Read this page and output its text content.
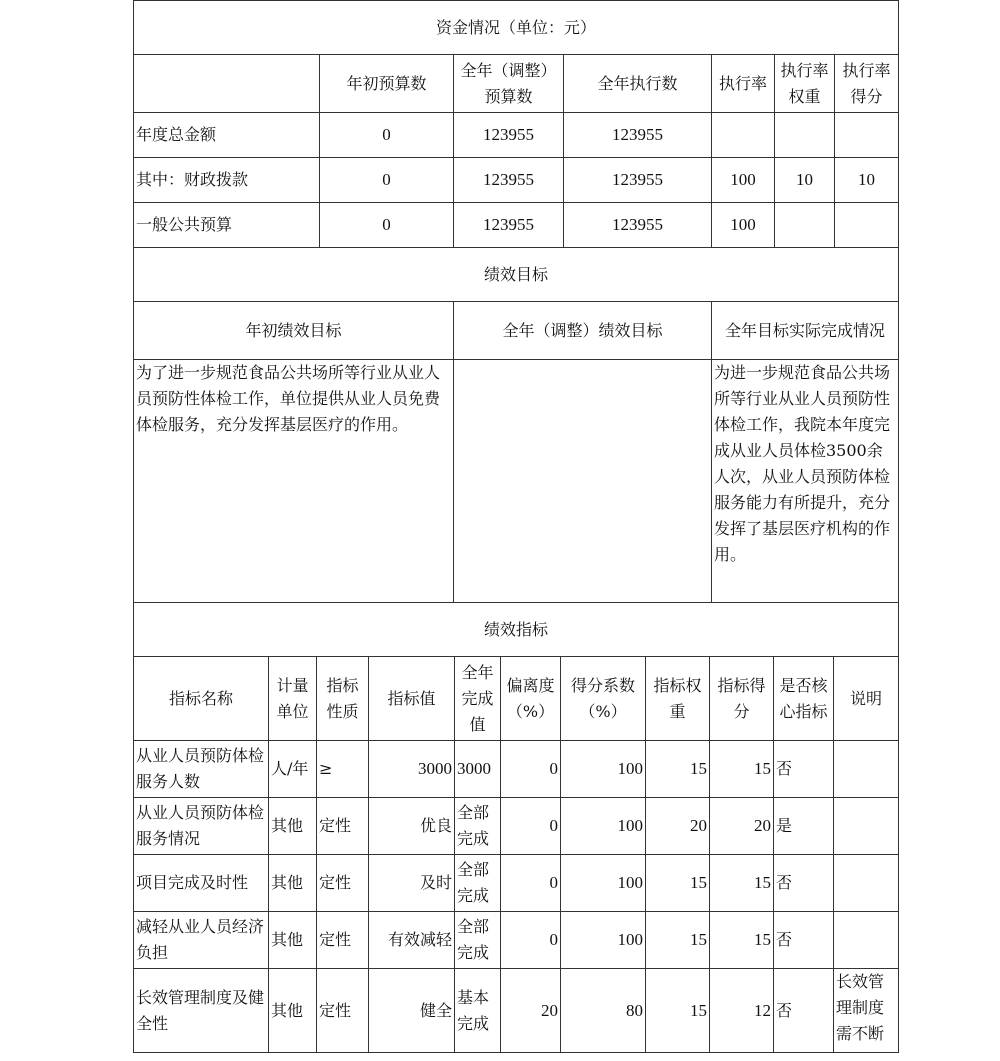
资金情况（单位：元）						
	年初预算数	全年（调整）预算数	全年执行数	执行率	执行率权重	执行率得分
年度总金额	0	123955	123955			
其中：财政拨款	0	123955	123955	100	10	10
一般公共预算	0	123955	123955	100		
绩效目标						
年初绩效目标		全年（调整）绩效目标		全年目标实际完成情况		
为了进一步规范食品公共场所等行业从业人员预防性体检工作，单位提供从业人员免费体检服务，充分发挥基层医疗的作用。				为进一步规范食品公共场所等行业从业人员预防性体检工作，我院本年度完成从业人员体检3500余人次，从业人员预防体检服务能力有所提升，充分发挥了基层医疗机构的作用。		
绩效指标										
指标名称	计量单位	指标性质	指标值	全年完成值	偏离度（%）	得分系数（%）	指标权重	指标得分	是否核心指标	说明
从业人员预防体检服务人数	人/年	≥	3000	3000	0	100	15	15	否	
从业人员预防体检服务情况	其他	定性	优良	全部完成	0	100	20	20	是	
项目完成及时性	其他	定性	及时	全部完成	0	100	15	15	否	
减轻从业人员经济负担	其他	定性	有效减轻	全部完成	0	100	15	15	否	
长效管理制度及健全性	其他	定性	健全	基本完成	20	80	15	12	否	长效管理制度需不断
